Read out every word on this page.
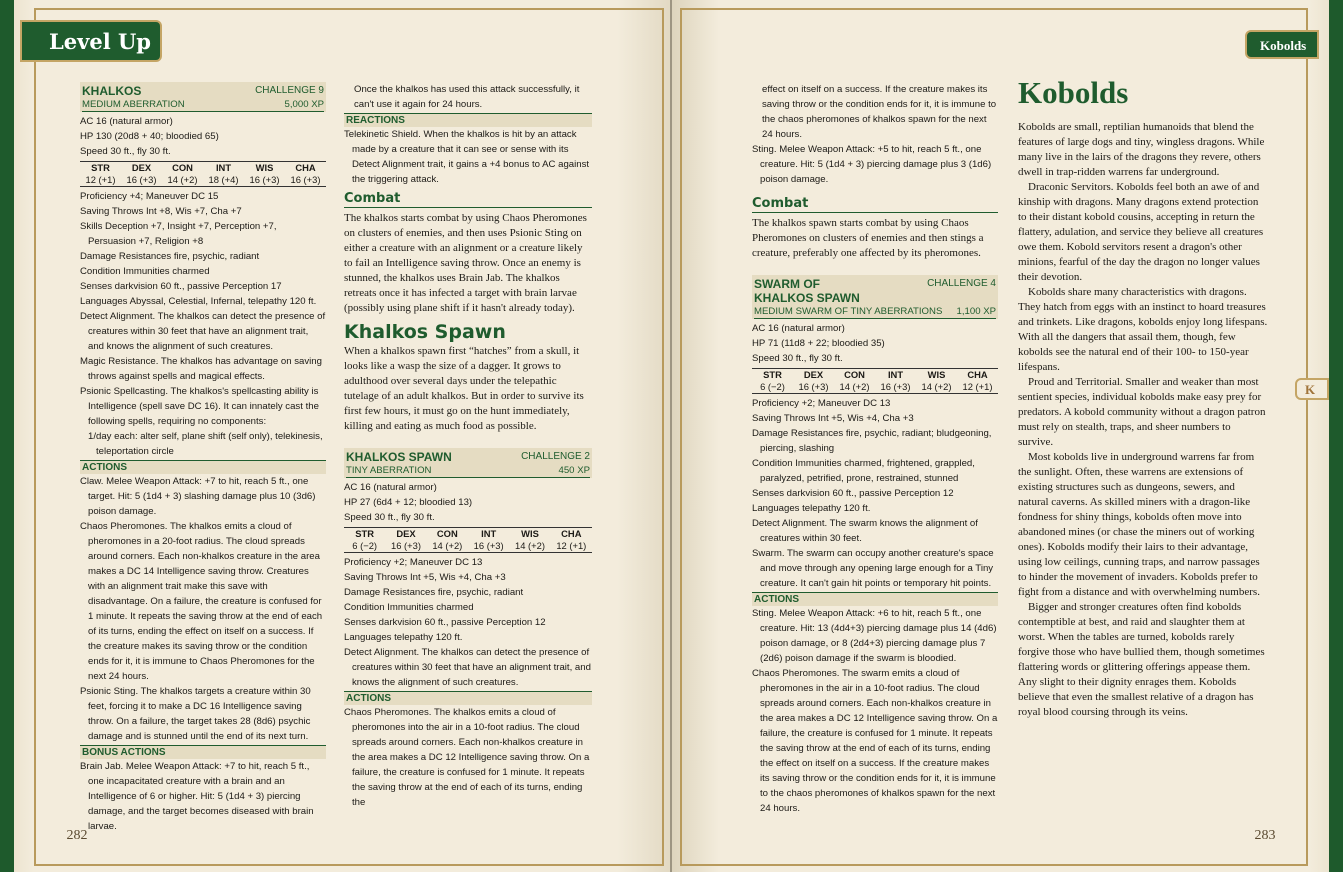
Level Up	Kobolds
K
282	283
KHALKOS	CHALLENGE 9
MEDIUM ABERRATION	5,000 XP

AC 16 (natural armor)

HP 130 (20d8 + 40; bloodied 65)

Speed 30 ft., fly 30 ft.

STR	DEX	CON	INT	WIS	CHA
12 (+1)	16 (+3)	14 (+2)	18 (+4)	16 (+3)	16 (+3)

Proficiency +4; Maneuver DC 15

Saving Throws Int +8, Wis +7, Cha +7

Skills Deception +7, Insight +7, Perception +7, Persuasion +7, Religion +8

Damage Resistances fire, psychic, radiant

Condition Immunities charmed

Senses darkvision 60 ft., passive Perception 17

Languages Abyssal, Celestial, Infernal, telepathy 120 ft.

Detect Alignment. The khalkos can detect the presence of creatures within 30 feet that have an alignment trait, and knows the alignment of such creatures.

Magic Resistance. The khalkos has advantage on saving throws against spells and magical effects.

Psionic Spellcasting. The khalkos's spellcasting ability is Intelligence (spell save DC 16). It can innately cast the following spells, requiring no components:

1/day each: alter self, plane shift (self only), telekinesis, teleportation circle

ACTIONS

Claw. Melee Weapon Attack: +7 to hit, reach 5 ft., one target. Hit: 5 (1d4 + 3) slashing damage plus 10 (3d6) poison damage.

Chaos Pheromones. The khalkos emits a cloud of pheromones in a 20-foot radius. The cloud spreads around corners. Each non-khalkos creature in the area makes a DC 14 Intelligence saving throw. Creatures with an alignment trait make this save with disadvantage. On a failure, the creature is confused for 1 minute. It repeats the saving throw at the end of each of its turns, ending the effect on itself on a success. If the creature makes its saving throw or the condition ends for it, it is immune to Chaos Pheromones for the next 24 hours.

Psionic Sting. The khalkos targets a creature within 30 feet, forcing it to make a DC 16 Intelligence saving throw. On a failure, the target takes 28 (8d6) psychic damage and is stunned until the end of its next turn.

BONUS ACTIONS

Brain Jab. Melee Weapon Attack: +7 to hit, reach 5 ft., one incapacitated creature with a brain and an Intelligence of 6 or higher. Hit: 5 (1d4 + 3) piercing damage, and the target becomes diseased with brain larvae.

Once the khalkos has used this attack successfully, it can't use it again for 24 hours.

REACTIONS

Telekinetic Shield. When the khalkos is hit by an attack made by a creature that it can see or sense with its Detect Alignment trait, it gains a +4 bonus to AC against the triggering attack.

Combat

The khalkos starts combat by using Chaos Pheromones on clusters of enemies, and then uses Psionic Sting on either a creature with an alignment or a creature likely to fail an Intelligence saving throw. Once an enemy is stunned, the khalkos uses Brain Jab. The khalkos retreats once it has infected a target with brain larvae (possibly using plane shift if it hasn't already today).

Khalkos Spawn

When a khalkos spawn first “hatches” from a skull, it looks like a wasp the size of a dagger. It grows to adulthood over several days under the telepathic tutelage of an adult khalkos. But in order to survive its first few hours, it must go on the hunt immediately, killing and eating as much food as possible.

KHALKOS SPAWN	CHALLENGE 2
TINY ABERRATION	450 XP

AC 16 (natural armor)

HP 27 (6d4 + 12; bloodied 13)

Speed 30 ft., fly 30 ft.

STR	DEX	CON	INT	WIS	CHA
6 (−2)	16 (+3)	14 (+2)	16 (+3)	14 (+2)	12 (+1)

Proficiency +2; Maneuver DC 13

Saving Throws Int +5, Wis +4, Cha +3

Damage Resistances fire, psychic, radiant

Condition Immunities charmed

Senses darkvision 60 ft., passive Perception 12

Languages telepathy 120 ft.

Detect Alignment. The khalkos can detect the presence of creatures within 30 feet that have an alignment trait, and knows the alignment of such creatures.

ACTIONS

Chaos Pheromones. The khalkos emits a cloud of pheromones into the air in a 10-foot radius. The cloud spreads around corners. Each non-khalkos creature in the area makes a DC 12 Intelligence saving throw. On a failure, the creature is confused for 1 minute. It repeats the saving throw at the end of each of its turns, ending the

effect on itself on a success. If the creature makes its saving throw or the condition ends for it, it is immune to the chaos pheromones of khalkos spawn for the next 24 hours.

Sting. Melee Weapon Attack: +5 to hit, reach 5 ft., one creature. Hit: 5 (1d4 + 3) piercing damage plus 3 (1d6) poison damage.

Combat

The khalkos spawn starts combat by using Chaos Pheromones on clusters of enemies and then stings a creature, preferably one affected by its pheromones.

SWARM OF	CHALLENGE 4
KHALKOS SPAWN
MEDIUM SWARM OF TINY ABERRATIONS 1,100 XP

AC 16 (natural armor)

HP 71 (11d8 + 22; bloodied 35)

Speed 30 ft., fly 30 ft.

STR	DEX	CON	INT	WIS	CHA
6 (−2)	16 (+3)	14 (+2)	16 (+3)	14 (+2)	12 (+1)

Proficiency +2; Maneuver DC 13

Saving Throws Int +5, Wis +4, Cha +3

Damage Resistances fire, psychic, radiant; bludgeoning, piercing, slashing

Condition Immunities charmed, frightened, grappled, paralyzed, petrified, prone, restrained, stunned

Senses darkvision 60 ft., passive Perception 12

Languages telepathy 120 ft.

Detect Alignment. The swarm knows the alignment of creatures within 30 feet.

Swarm. The swarm can occupy another creature's space and move through any opening large enough for a Tiny creature. It can't gain hit points or temporary hit points.

ACTIONS

Sting. Melee Weapon Attack: +6 to hit, reach 5 ft., one creature. Hit: 13 (4d4+3) piercing damage plus 14 (4d6) poison damage, or 8 (2d4+3) piercing damage plus 7 (2d6) poison damage if the swarm is bloodied.

Chaos Pheromones. The swarm emits a cloud of pheromones in the air in a 10-foot radius. The cloud spreads around corners. Each non-khalkos creature in the area makes a DC 12 Intelligence saving throw. On a failure, the creature is confused for 1 minute. It repeats the saving throw at the end of each of its turns, ending the effect on itself on a success. If the creature makes its saving throw or the condition ends for it, it is immune to the chaos pheromones of khalkos spawn for the next 24 hours.

Kobolds

Kobolds are small, reptilian humanoids that blend the features of large dogs and tiny, wingless dragons. While many live in the lairs of the dragons they revere, others dwell in trap-ridden warrens far underground.

Draconic Servitors. Kobolds feel both an awe of and kinship with dragons. Many dragons extend protection to their distant kobold cousins, accepting in return the flattery, adulation, and service they believe all creatures owe them. Kobold servitors resent a dragon's other minions, fearful of the day the dragon no longer values their devotion.

Kobolds share many characteristics with dragons. They hatch from eggs with an instinct to hoard treasures and trinkets. Like dragons, kobolds enjoy long lifespans. With all the dangers that assail them, though, few kobolds see the natural end of their 100- to 150-year lifespans.

Proud and Territorial. Smaller and weaker than most sentient species, individual kobolds make easy prey for predators. A kobold community without a dragon patron must rely on stealth, traps, and sheer numbers to survive.

Most kobolds live in underground warrens far from the sunlight. Often, these warrens are extensions of existing structures such as dungeons, sewers, and natural caverns. As skilled miners with a dragon-like fondness for shiny things, kobolds often move into abandoned mines (or chase the miners out of working ones). Kobolds modify their lairs to their advantage, using low ceilings, cunning traps, and narrow passages to hinder the movement of invaders. Kobolds prefer to fight from a distance and with overwhelming numbers.

Bigger and stronger creatures often find kobolds contemptible at best, and raid and slaughter them at worst. When the tables are turned, kobolds rarely forgive those who have bullied them, though sometimes flattering words or glittering offerings appease them. Any slight to their dignity enrages them. Kobolds believe that even the smallest relative of a dragon has royal blood coursing through its veins.
